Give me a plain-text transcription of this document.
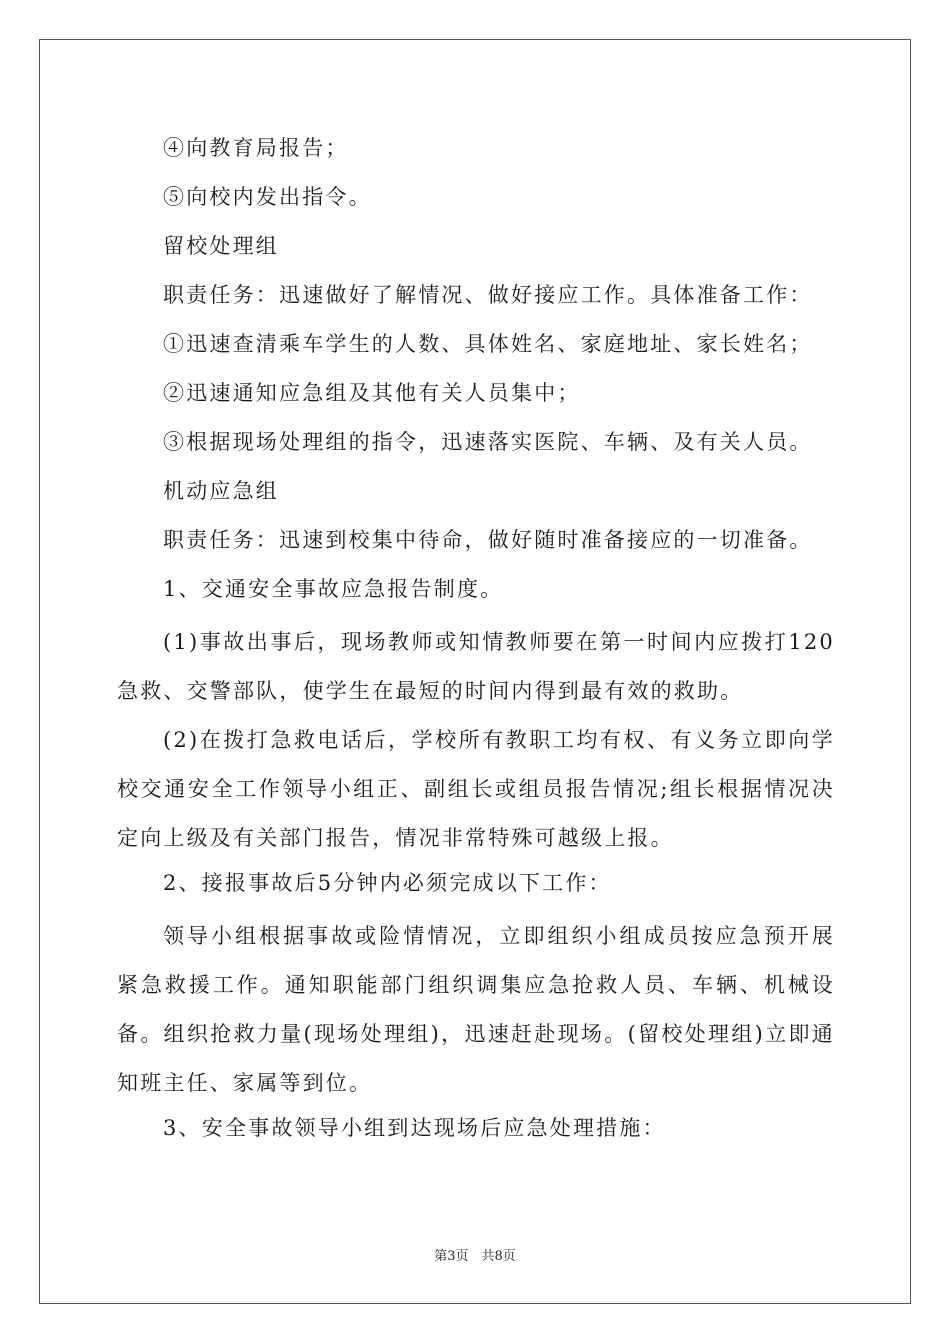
④向教育局报告；

⑤向校内发出指令。

留校处理组

职责任务：迅速做好了解情况、做好接应工作。具体准备工作：

①迅速查清乘车学生的人数、具体姓名、家庭地址、家长姓名；

②迅速通知应急组及其他有关人员集中；

③根据现场处理组的指令，迅速落实医院、车辆、及有关人员。

机动应急组

职责任务：迅速到校集中待命，做好随时准备接应的一切准备。

1、交通安全事故应急报告制度。

(1)事故出事后，现场教师或知情教师要在第一时间内应拨打120急救、交警部队，使学生在最短的时间内得到最有效的救助。

(2)在拨打急救电话后，学校所有教职工均有权、有义务立即向学校交通安全工作领导小组正、副组长或组员报告情况;组长根据情况决定向上级及有关部门报告，情况非常特殊可越级上报。

2、接报事故后5分钟内必须完成以下工作：

领导小组根据事故或险情情况，立即组织小组成员按应急预开展紧急救援工作。通知职能部门组织调集应急抢救人员、车辆、机械设备。组织抢救力量(现场处理组)，迅速赶赴现场。(留校处理组)立即通知班主任、家属等到位。

3、安全事故领导小组到达现场后应急处理措施：

第3页　共8页
